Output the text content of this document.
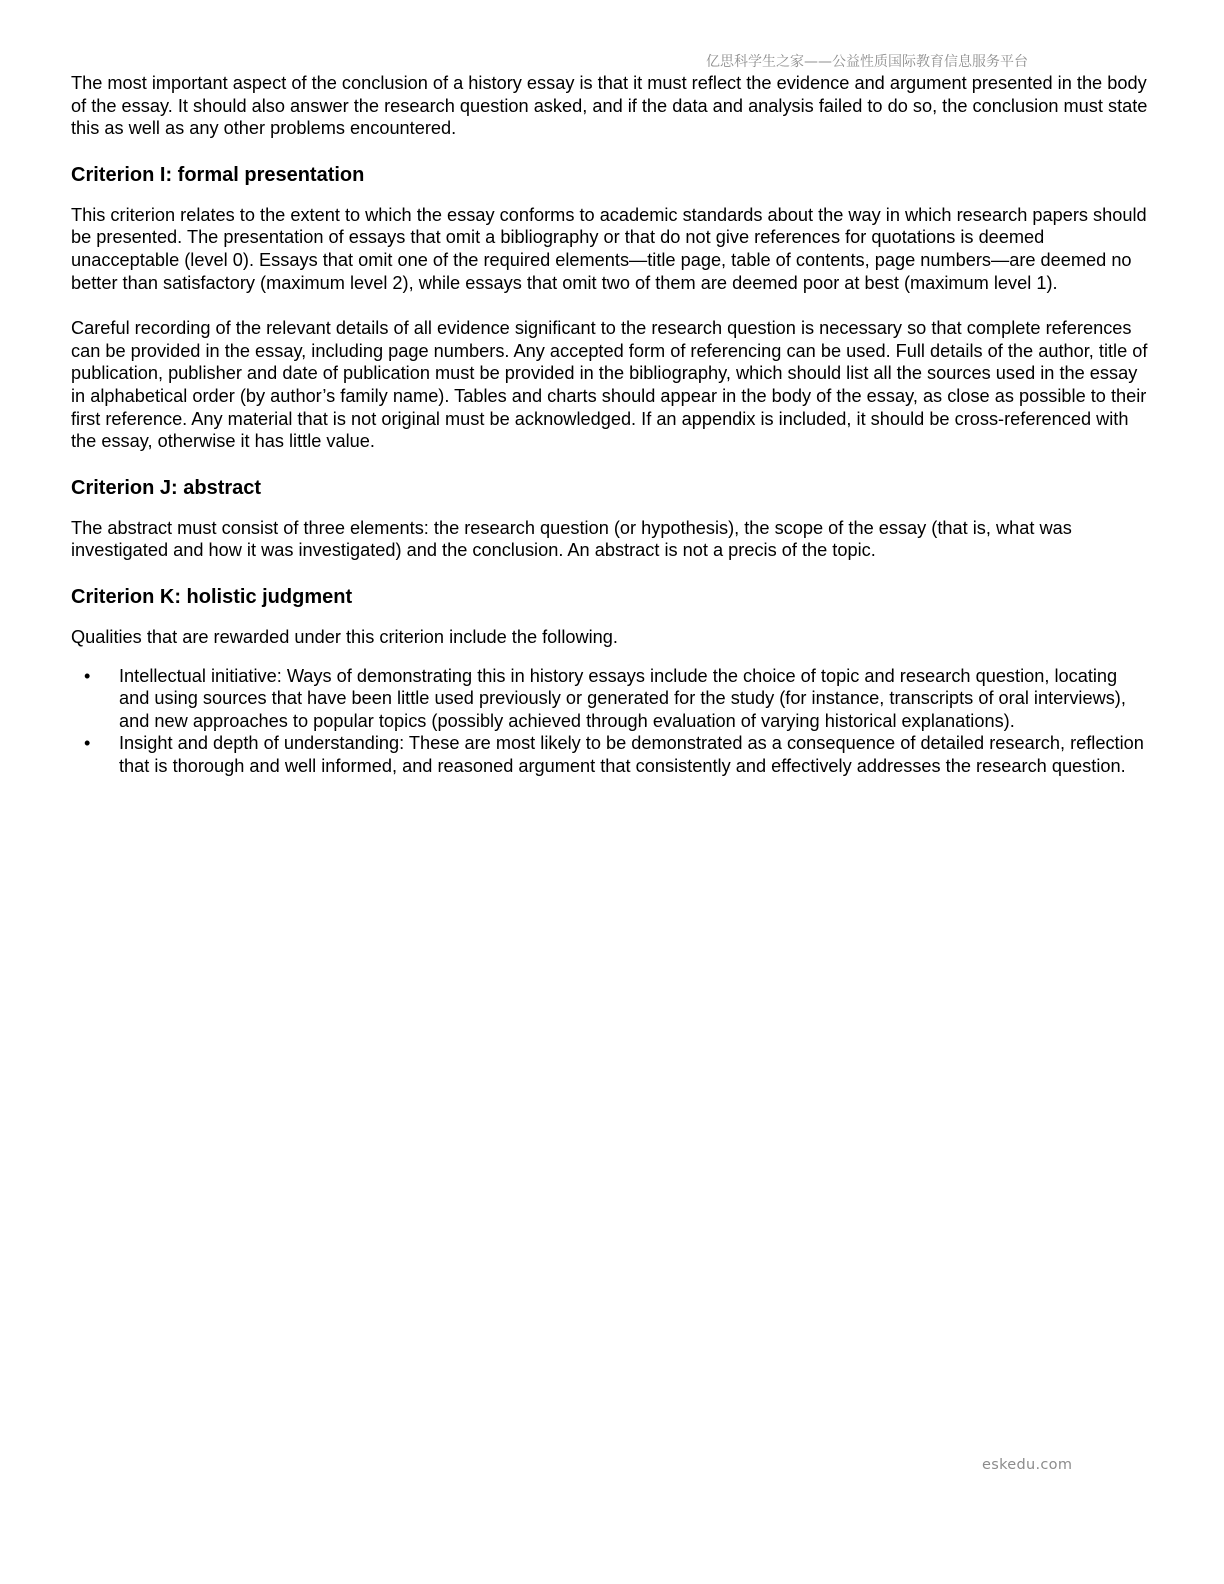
亿思科学生之家——公益性质国际教育信息服务平台

The most important aspect of the conclusion of a history essay is that it must reflect the evidence and argument presented in the body of the essay. It should also answer the research question asked, and if the data and analysis failed to do so, the conclusion must state this as well as any other problems encountered.

Criterion I: formal presentation

This criterion relates to the extent to which the essay conforms to academic standards about the way in which research papers should be presented. The presentation of essays that omit a bibliography or that do not give references for quotations is deemed unacceptable (level 0). Essays that omit one of the required elements—title page, table of contents, page numbers—are deemed no better than satisfactory (maximum level 2), while essays that omit two of them are deemed poor at best (maximum level 1).

Careful recording of the relevant details of all evidence significant to the research question is necessary so that complete references can be provided in the essay, including page numbers. Any accepted form of referencing can be used. Full details of the author, title of publication, publisher and date of publication must be provided in the bibliography, which should list all the sources used in the essay in alphabetical order (by author’s family name). Tables and charts should appear in the body of the essay, as close as possible to their first reference. Any material that is not original must be acknowledged. If an appendix is included, it should be cross-referenced with the essay, otherwise it has little value.

Criterion J: abstract

The abstract must consist of three elements: the research question (or hypothesis), the scope of the essay (that is, what was investigated and how it was investigated) and the conclusion. An abstract is not a precis of the topic.

Criterion K: holistic judgment

Qualities that are rewarded under this criterion include the following.

• Intellectual initiative: Ways of demonstrating this in history essays include the choice of topic and research question, locating and using sources that have been little used previously or generated for the study (for instance, transcripts of oral interviews), and new approaches to popular topics (possibly achieved through evaluation of varying historical explanations).
• Insight and depth of understanding: These are most likely to be demonstrated as a consequence of detailed research, reflection that is thorough and well informed, and reasoned argument that consistently and effectively addresses the research question.
eskedu.com
